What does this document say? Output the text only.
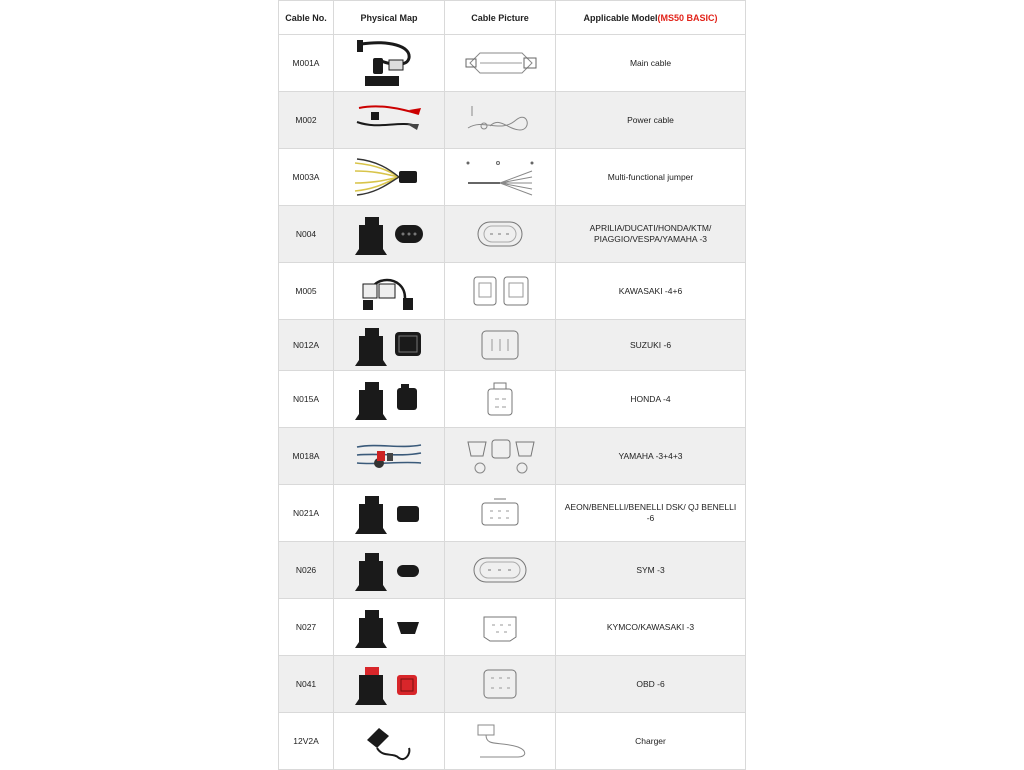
Cable No.	Physical Map	Cable Picture	Applicable Model(MS50 BASIC)
M001A			Main cable
M002			Power cable
M003A			Multi-functional jumper
N004			APRILIA/DUCATI/HONDA/KTM/ PIAGGIO/VESPA/YAMAHA -3
M005			KAWASAKI -4+6
N012A			SUZUKI -6
N015A			HONDA -4
M018A			YAMAHA -3+4+3
N021A			AEON/BENELLI/BENELLI DSK/ QJ BENELLI -6
N026			SYM -3
N027			KYMCO/KAWASAKI -3
N041			OBD -6
12V2A			Charger
